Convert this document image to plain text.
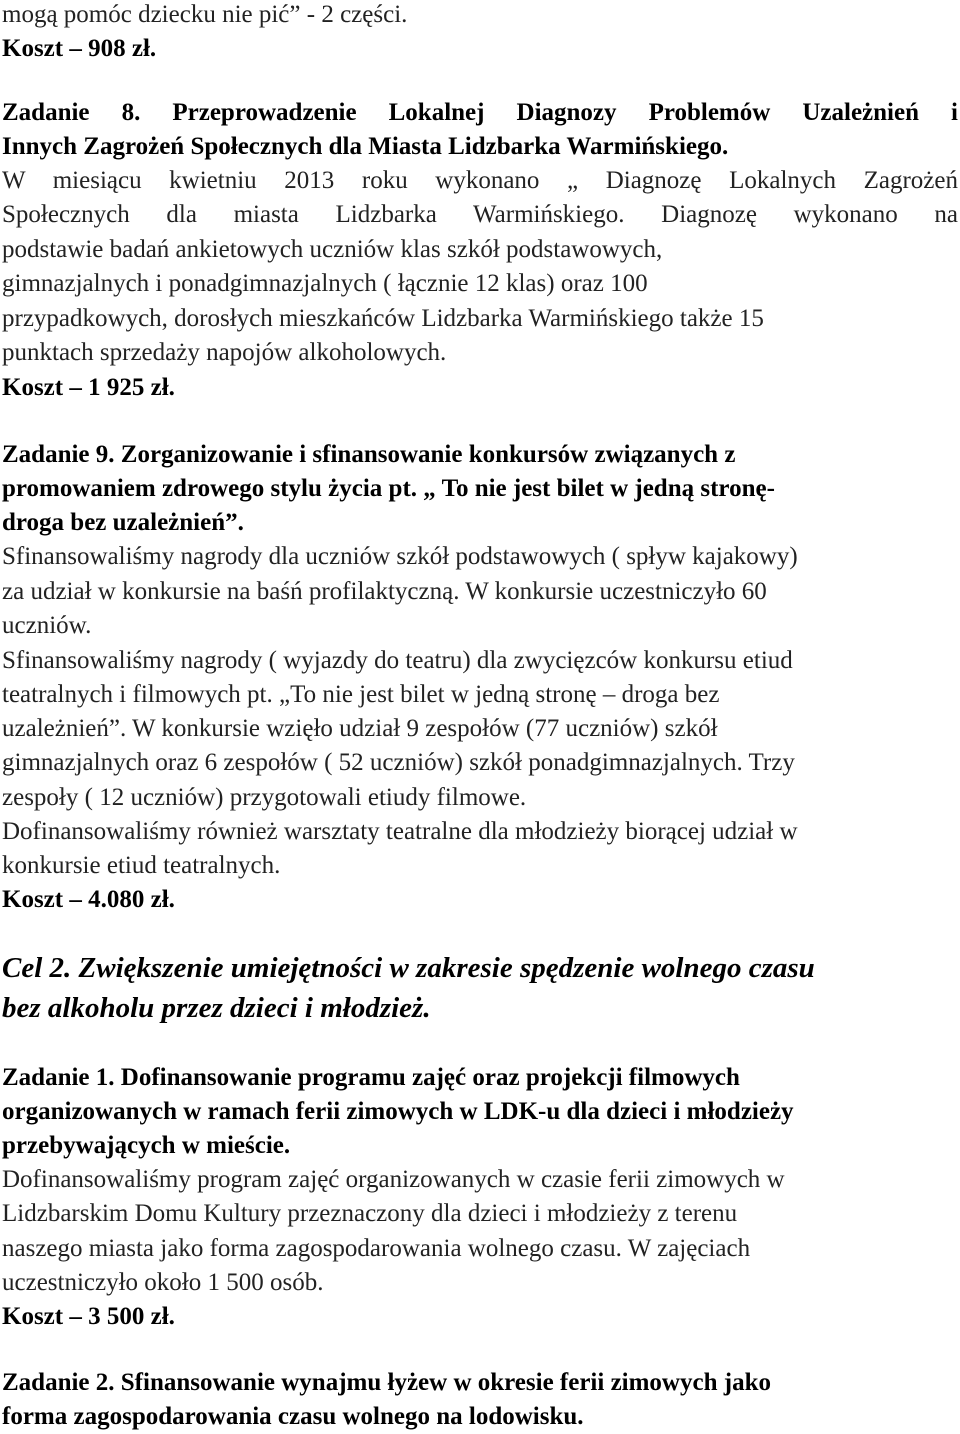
mogą pomóc dziecku nie pić” - 2 części.

Koszt – 908 zł.

Zadanie 8. Przeprowadzenie Lokalnej Diagnozy Problemów Uzależnień i

Innych Zagrożeń Społecznych dla Miasta Lidzbarka Warmińskiego.

W miesiącu kwietniu 2013 roku wykonano „ Diagnozę Lokalnych Zagrożeń

Społecznych dla miasta Lidzbarka Warmińskiego. Diagnozę wykonano na

podstawie badań ankietowych uczniów klas szkół podstawowych,

gimnazjalnych i ponadgimnazjalnych ( łącznie 12 klas) oraz 100

przypadkowych, dorosłych mieszkańców Lidzbarka Warmińskiego także 15

punktach sprzedaży napojów alkoholowych.

Koszt – 1 925 zł.

Zadanie 9. Zorganizowanie i sfinansowanie konkursów związanych z

promowaniem zdrowego stylu życia pt. „ To nie jest bilet w jedną stronę-

droga bez uzależnień”.

Sfinansowaliśmy nagrody dla uczniów szkół podstawowych ( spływ kajakowy)

za udział w konkursie na baśń profilaktyczną. W konkursie uczestniczyło 60

uczniów.

Sfinansowaliśmy nagrody ( wyjazdy do teatru) dla zwycięzców konkursu etiud

teatralnych i filmowych pt. „To nie jest bilet w jedną stronę – droga bez

uzależnień”. W konkursie wzięło udział 9 zespołów (77 uczniów) szkół

gimnazjalnych oraz 6 zespołów ( 52 uczniów) szkół ponadgimnazjalnych. Trzy

zespoły ( 12 uczniów) przygotowali etiudy filmowe.

Dofinansowaliśmy również warsztaty teatralne dla młodzieży biorącej udział w

konkursie etiud teatralnych.

Koszt – 4.080 zł.

Cel 2. Zwiększenie umiejętności w zakresie spędzenie wolnego czasu

bez alkoholu przez dzieci i młodzież.

Zadanie 1. Dofinansowanie programu zajęć oraz projekcji filmowych

organizowanych w ramach ferii zimowych w LDK-u dla dzieci i młodzieży

przebywających w mieście.

Dofinansowaliśmy program zajęć organizowanych w czasie ferii zimowych w

Lidzbarskim Domu Kultury przeznaczony dla dzieci i młodzieży z terenu

naszego miasta jako forma zagospodarowania wolnego czasu. W zajęciach

uczestniczyło około 1 500 osób.

Koszt – 3 500 zł.

Zadanie 2. Sfinansowanie wynajmu łyżew w okresie ferii zimowych jako

forma zagospodarowania czasu wolnego na lodowisku.
